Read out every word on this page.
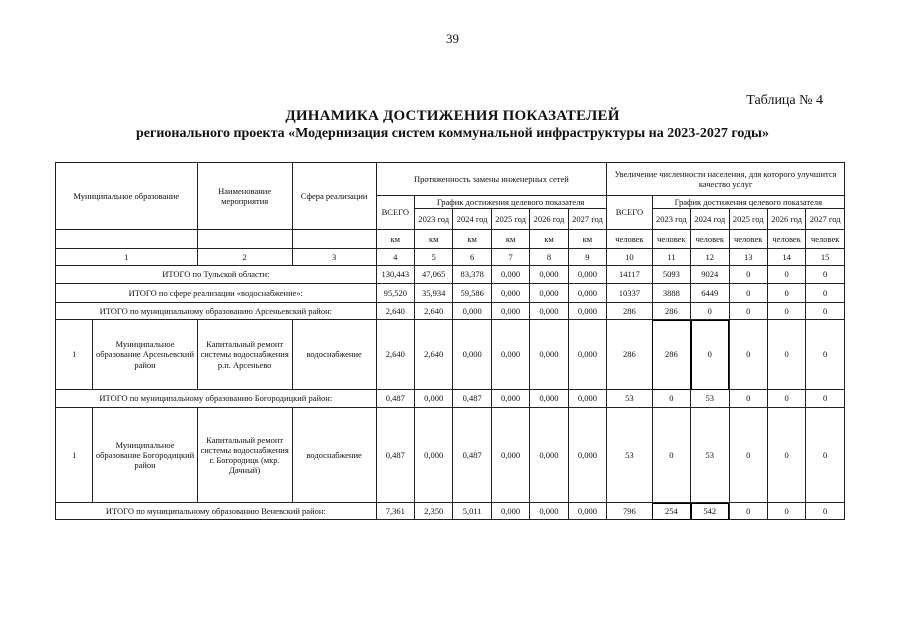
39
Таблица № 4
ДИНАМИКА ДОСТИЖЕНИЯ ПОКАЗАТЕЛЕЙ
регионального проекта «Модернизация систем коммунальной инфраструктуры на 2023-2027 годы»
Муниципальное образование		Наименование мероприятия	Сфера реализации	Протяженность замены инженерных сетей						Увеличение численности населения, для которого улучшится качество услуг					
				ВСЕГО	График достижения целевого показателя					ВСЕГО	График достижения целевого показателя				
					2023 год	2024 год	2025 год	2026 год	2027 год		2023 год	2024 год	2025 год	2026 год	2027 год
				км	км	км	км	км	км	человек	человек	человек	человек	человек	человек
1		2	3	4	5	6	7	8	9	10	11	12	13	14	15
ИТОГО по Тульской области:				130,443	47,065	83,378	0,000	0,000	0,000	14117	5093	9024	0	0	0
ИТОГО по сфере реализации «водоснабжение»:				95,520	35,934	59,586	0,000	0,000	0,000	10337	3888	6449	0	0	0
ИТОГО по муниципальному образованию Арсеньевский район:				2,640	2,640	0,000	0,000	0,000	0,000	286	286	0	0	0	0
1	Муниципальное образование Арсеньевский район	Капитальный ремонт системы водоснабжения р.п. Арсеньево	водоснабжение	2,640	2,640	0,000	0,000	0,000	0,000	286	286	0	0	0	0
ИТОГО по муниципальному образованию Богородицкий район:				0,487	0,000	0,487	0,000	0,000	0,000	53	0	53	0	0	0
1	Муниципальное образование Богородицкий район	Капитальный ремонт системы водоснабжения г. Богородицк (мкр. Дачный)	водоснабжение	0,487	0,000	0,487	0,000	0,000	0,000	53	0	53	0	0	0
ИТОГО по муниципальному образованию Веневский район:				7,361	2,350	5,011	0,000	0,000	0,000	796	254	542	0	0	0
